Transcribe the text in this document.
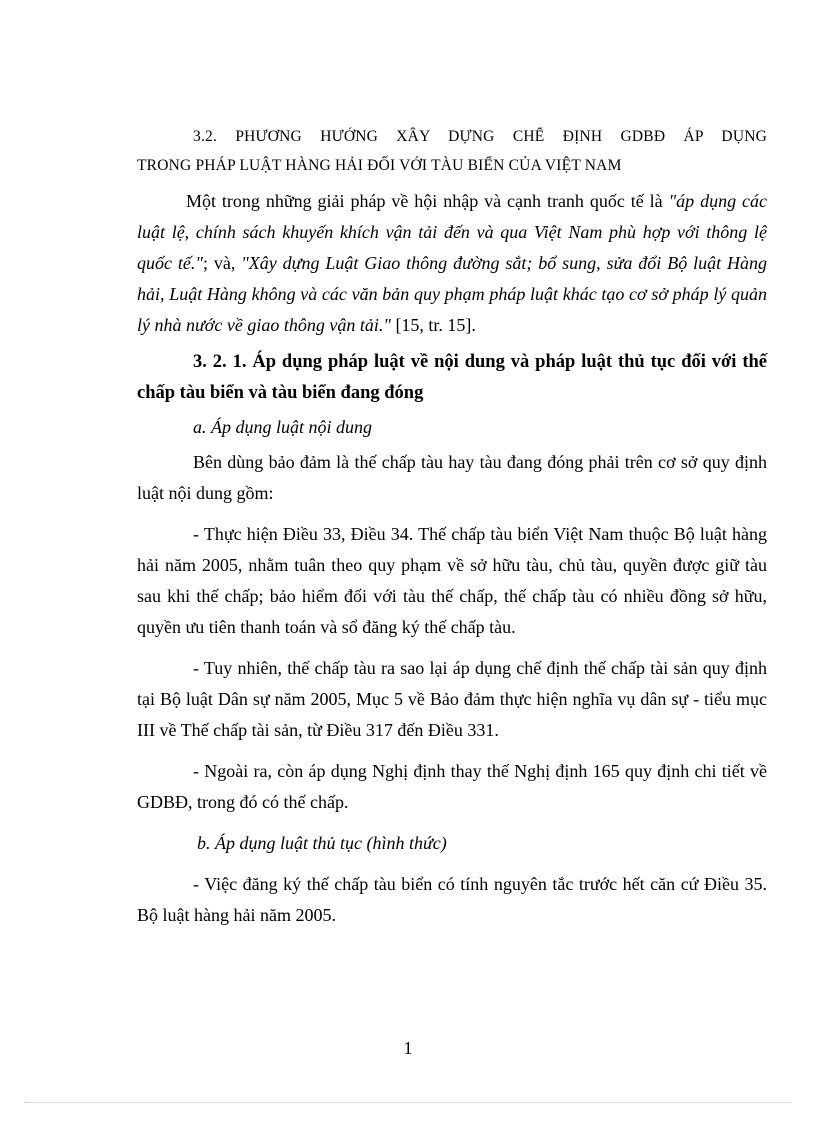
3.2. PHƯƠNG HƯỚNG XÂY DỰNG CHẾ ĐỊNH GDBĐ ÁP DỤNG
TRONG PHÁP LUẬT HÀNG HẢI ĐỐI VỚI TÀU BIỂN CỦA VIỆT NAM

Một trong những giải pháp về hội nhập và cạnh tranh quốc tế là "áp dụng các luật lệ, chính sách khuyến khích vận tải đến và qua Việt Nam phù hợp với thông lệ quốc tế."; và, "Xây dựng Luật Giao thông đường sắt; bổ sung, sửa đổi Bộ luật Hàng hải, Luật Hàng không và các văn bản quy phạm pháp luật khác tạo cơ sở pháp lý quản lý nhà nước về giao thông vận tải." [15, tr. 15].

3. 2. 1. Áp dụng pháp luật về nội dung và pháp luật thủ tục đối với thế chấp tàu biển và tàu biển đang đóng

a. Áp dụng luật nội dung

Bên dùng bảo đảm là thế chấp tàu hay tàu đang đóng phải trên cơ sở quy định luật nội dung gồm:

- Thực hiện Điều 33, Điều 34. Thế chấp tàu biển Việt Nam thuộc Bộ luật hàng hải năm 2005, nhằm tuân theo quy phạm về sở hữu tàu, chủ tàu, quyền được giữ tàu sau khi thế chấp; bảo hiểm đối với tàu thế chấp, thế chấp tàu có nhiều đồng sở hữu, quyền ưu tiên thanh toán và sổ đăng ký thế chấp tàu.

- Tuy nhiên, thế chấp tàu ra sao lại áp dụng chế định thế chấp tài sản quy định tại Bộ luật Dân sự năm 2005, Mục 5 về Bảo đảm thực hiện nghĩa vụ dân sự - tiểu mục III về Thế chấp tài sản, từ Điều 317 đến Điều 331.

- Ngoài ra, còn áp dụng Nghị định thay thế Nghị định 165 quy định chi tiết về GDBĐ, trong đó có thế chấp.

b. Áp dụng luật thủ tục (hình thức)

- Việc đăng ký thế chấp tàu biển có tính nguyên tắc trước hết căn cứ Điều 35. Bộ luật hàng hải năm 2005.

1
